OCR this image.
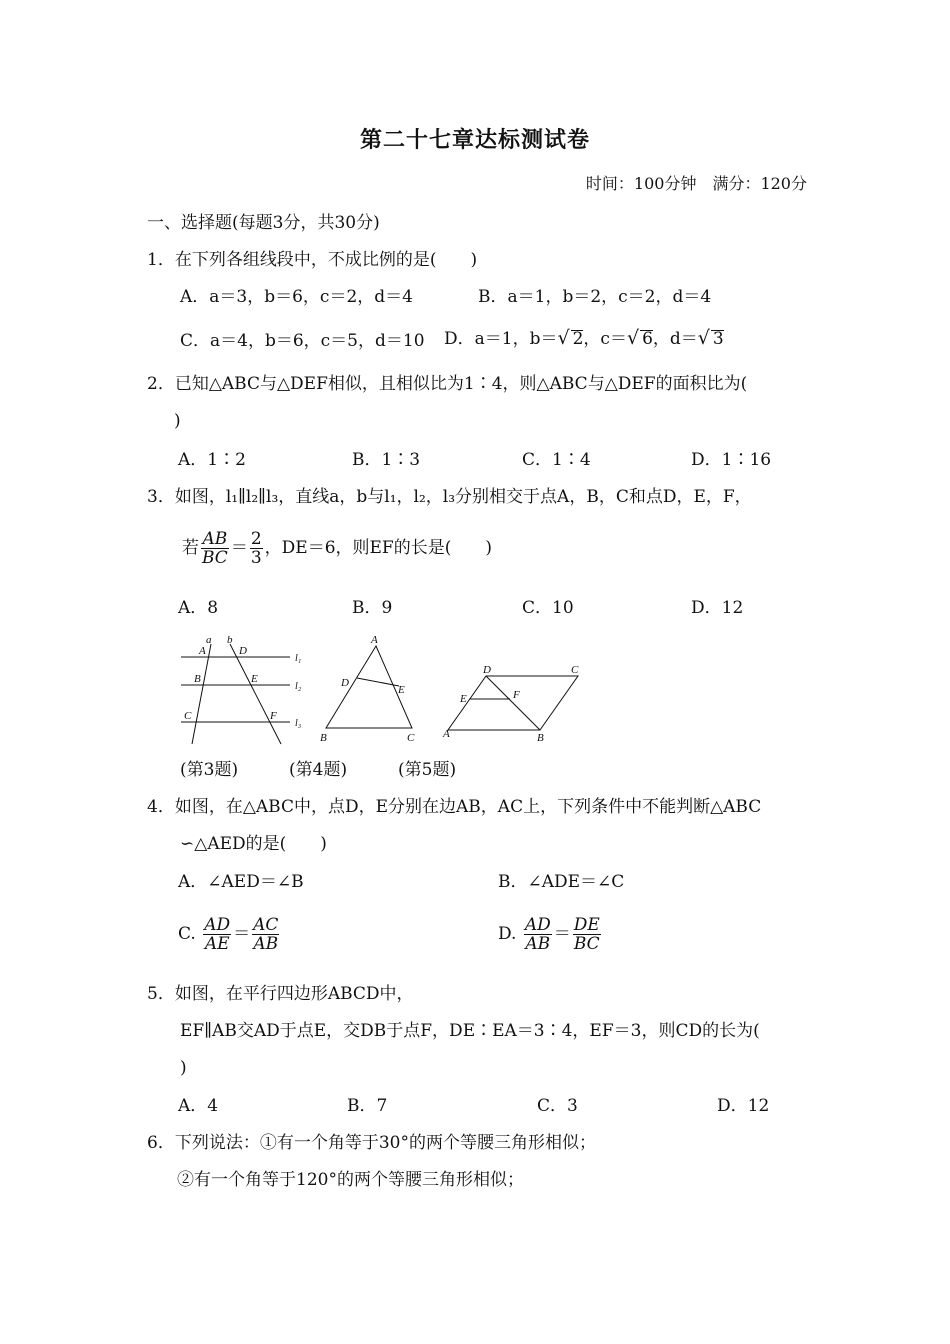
第二十七章达标测试卷
时间：100分钟　满分：120分
一、选择题(每题3分，共30分)
1．在下列各组线段中，不成比例的是(　　)
A．a＝3，b＝6，c＝2，d＝4	B．a＝1，b＝2，c＝2，d＝4
C．a＝4，b＝6，c＝5，d＝10 D．a＝1，b＝√ 2，c＝√ 6，d＝√ 3
2．已知△ABC与△DEF相似，且相似比为1∶4，则△ABC与△DEF的面积比为(
)
A．1∶2	B．1∶3	C．1∶4	D．1∶16
3．如图，l₁∥l₂∥l₃，直线a，b与l₁，l₂，l₃分别相交于点A，B，C和点D，E，F，
若 $\frac{AB}{BC} = \frac{2}{3}$ ，DE＝6，则EF的长是(　　)
A．8	B．9	C．10	D．12
a b
A	D
B	E
C	F
l₁
l₂
l₃
A
D
E
B	C
D	C
E	F
A	B
(第3题)	(第4题)	(第5题)
4．如图，在△ABC中，点D，E分别在边AB，AC上，下列条件中不能判断△ABC
∽△AED的是(　　)
A．∠AED＝∠B	B．∠ADE＝∠C
C. $\frac{AD}{AE} = \frac{AC}{AB}$	D. $\frac{AD}{AB} = \frac{DE}{BC}$
5．如图，在平行四边形ABCD中，
EF∥AB交AD于点E，交DB于点F，DE∶EA＝3∶4，EF＝3，则CD的长为(
)
A．4	B．7	C．3	D．12
6．下列说法：①有一个角等于30°的两个等腰三角形相似；
②有一个角等于120°的两个等腰三角形相似；
